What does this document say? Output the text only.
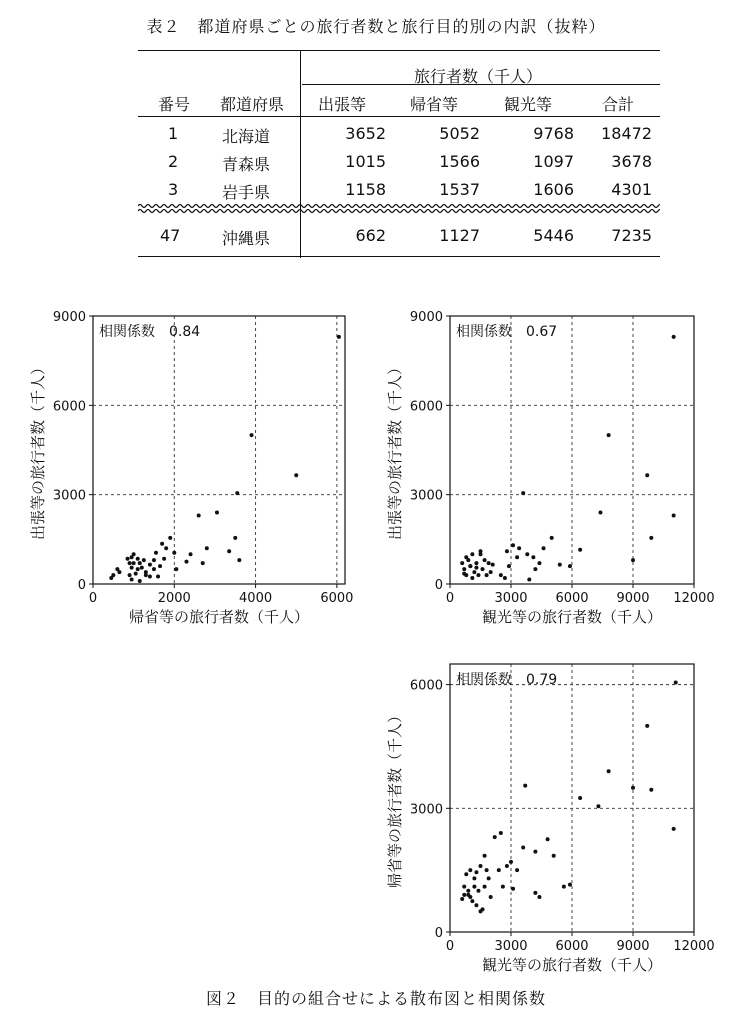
表２　都道府県ごとの旅行者数と旅行目的別の内訳（抜粋）
旅行者数（千人）
番号 都道府県 出張等	帰省等	観光等	合計
1	北海道	3652	5052	9768	18472
2	青森県	1015	1566	1097	3678
3	岩手県	1158	1537	1606	4301
47	沖縄県	662	1127	5446	7235
0	2000	4000	6000
0
3000
6000
9000
相関係数　0.84
帰省等の旅行者数（千人）
出張等の旅行者数（千人）
0	3000 6000 9000 12000
0
3000
6000
9000
相関係数　0.67
観光等の旅行者数（千人）
出張等の旅行者数（千人）
0	3000 6000 9000 12000
0
3000
6000 相関係数　0.79
観光等の旅行者数（千人）
帰省等の旅行者数（千人）
図２　目的の組合せによる散布図と相関係数
